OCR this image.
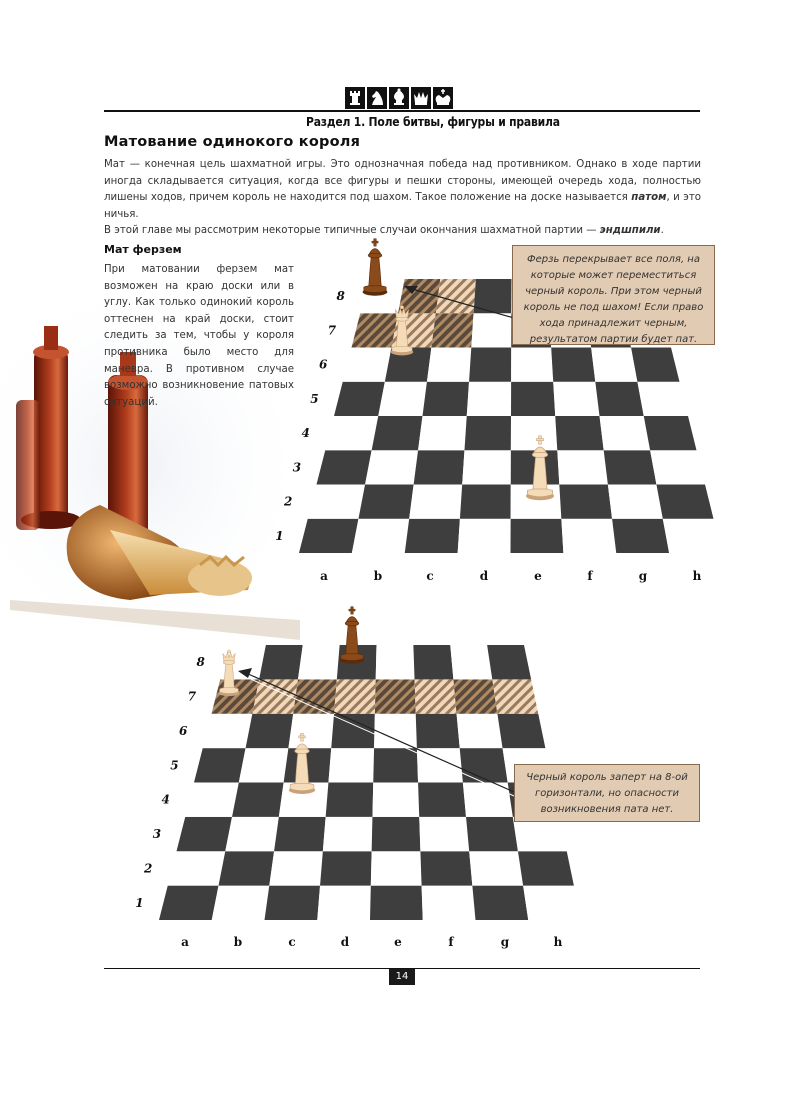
Раздел 1. Поле битвы, фигуры и правила
Матование одинокого короля

Мат — конечная цель шахматной игры. Это однозначная победа над противником. Однако в ходе партии иногда складывается ситуация, когда все фигуры и пешки стороны, имеющей очередь хода, полностью лишены ходов, причем король не находится под шахом. Такое положение на доске называется патом, и это ничья.

В этой главе мы рассмотрим некоторые типичные случаи окончания шахматной партии — эндшпили.

Мат ферзем
При матовании ферзем мат возможен на краю доски или в углу. Как только одинокий король оттеснен на край доски, стоит следить за тем, чтобы у короля противника было место для маневра. В противном случае возможно возникновение патовых ситуаций.
a	b	c	d	e	f	g	h
1
2
3
4
5
6
7
8
a	b	c	d	e	f	g	h
1
2
3
4
5
6
7
8
Ферзь перекрывает все поля, на которые может переместиться черный король. При этом черный король не под шахом! Если право хода принадлежит черным, результатом партии будет пат.
Черный король заперт на 8-ой горизонтали, но опасности возникновения пата нет.
14
